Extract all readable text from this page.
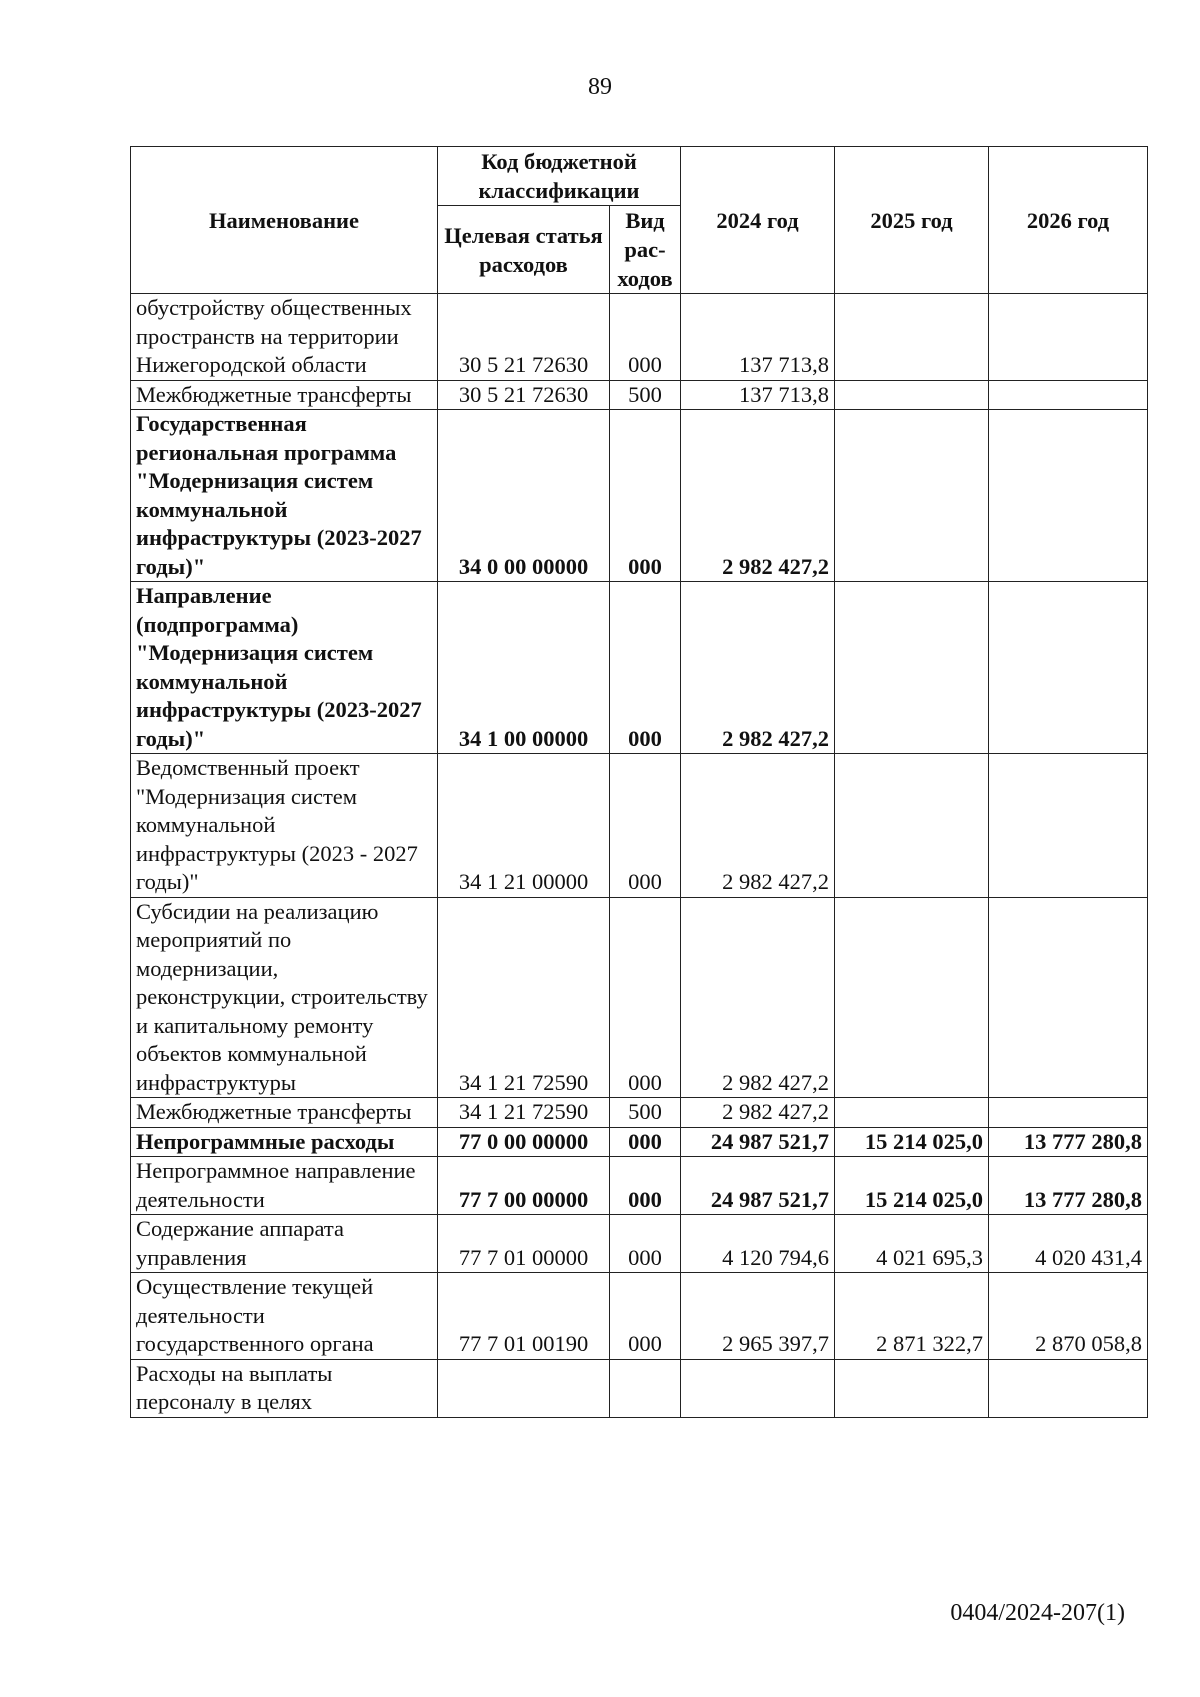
89
Наименование	Код бюджетной классификации		2024 год	2025 год	2026 год
	Целевая статья расходов	Вид рас-ходов			
обустройству общественных пространств на территории Нижегородской области	30 5 21 72630	000	137 713,8		
Межбюджетные трансферты	30 5 21 72630	500	137 713,8		
Государственная региональная программа "Модернизация систем коммунальной инфраструктуры (2023-2027 годы)"	34 0 00 00000	000	2 982 427,2		
Направление (подпрограмма) "Модернизация систем коммунальной инфраструктуры (2023-2027 годы)"	34 1 00 00000	000	2 982 427,2		
Ведомственный проект "Модернизация систем коммунальной инфраструктуры (2023 - 2027 годы)"	34 1 21 00000	000	2 982 427,2		
Субсидии на реализацию мероприятий по модернизации, реконструкции, строительству и капитальному ремонту объектов коммунальной инфраструктуры	34 1 21 72590	000	2 982 427,2		
Межбюджетные трансферты	34 1 21 72590	500	2 982 427,2		
Непрограммные расходы	77 0 00 00000	000	24 987 521,7	15 214 025,0	13 777 280,8
Непрограммное направление деятельности	77 7 00 00000	000	24 987 521,7	15 214 025,0	13 777 280,8
Содержание аппарата управления	77 7 01 00000	000	4 120 794,6	4 021 695,3	4 020 431,4
Осуществление текущей деятельности государственного органа	77 7 01 00190	000	2 965 397,7	2 871 322,7	2 870 058,8
Расходы на выплаты персоналу в целях					
0404/2024-207(1)
